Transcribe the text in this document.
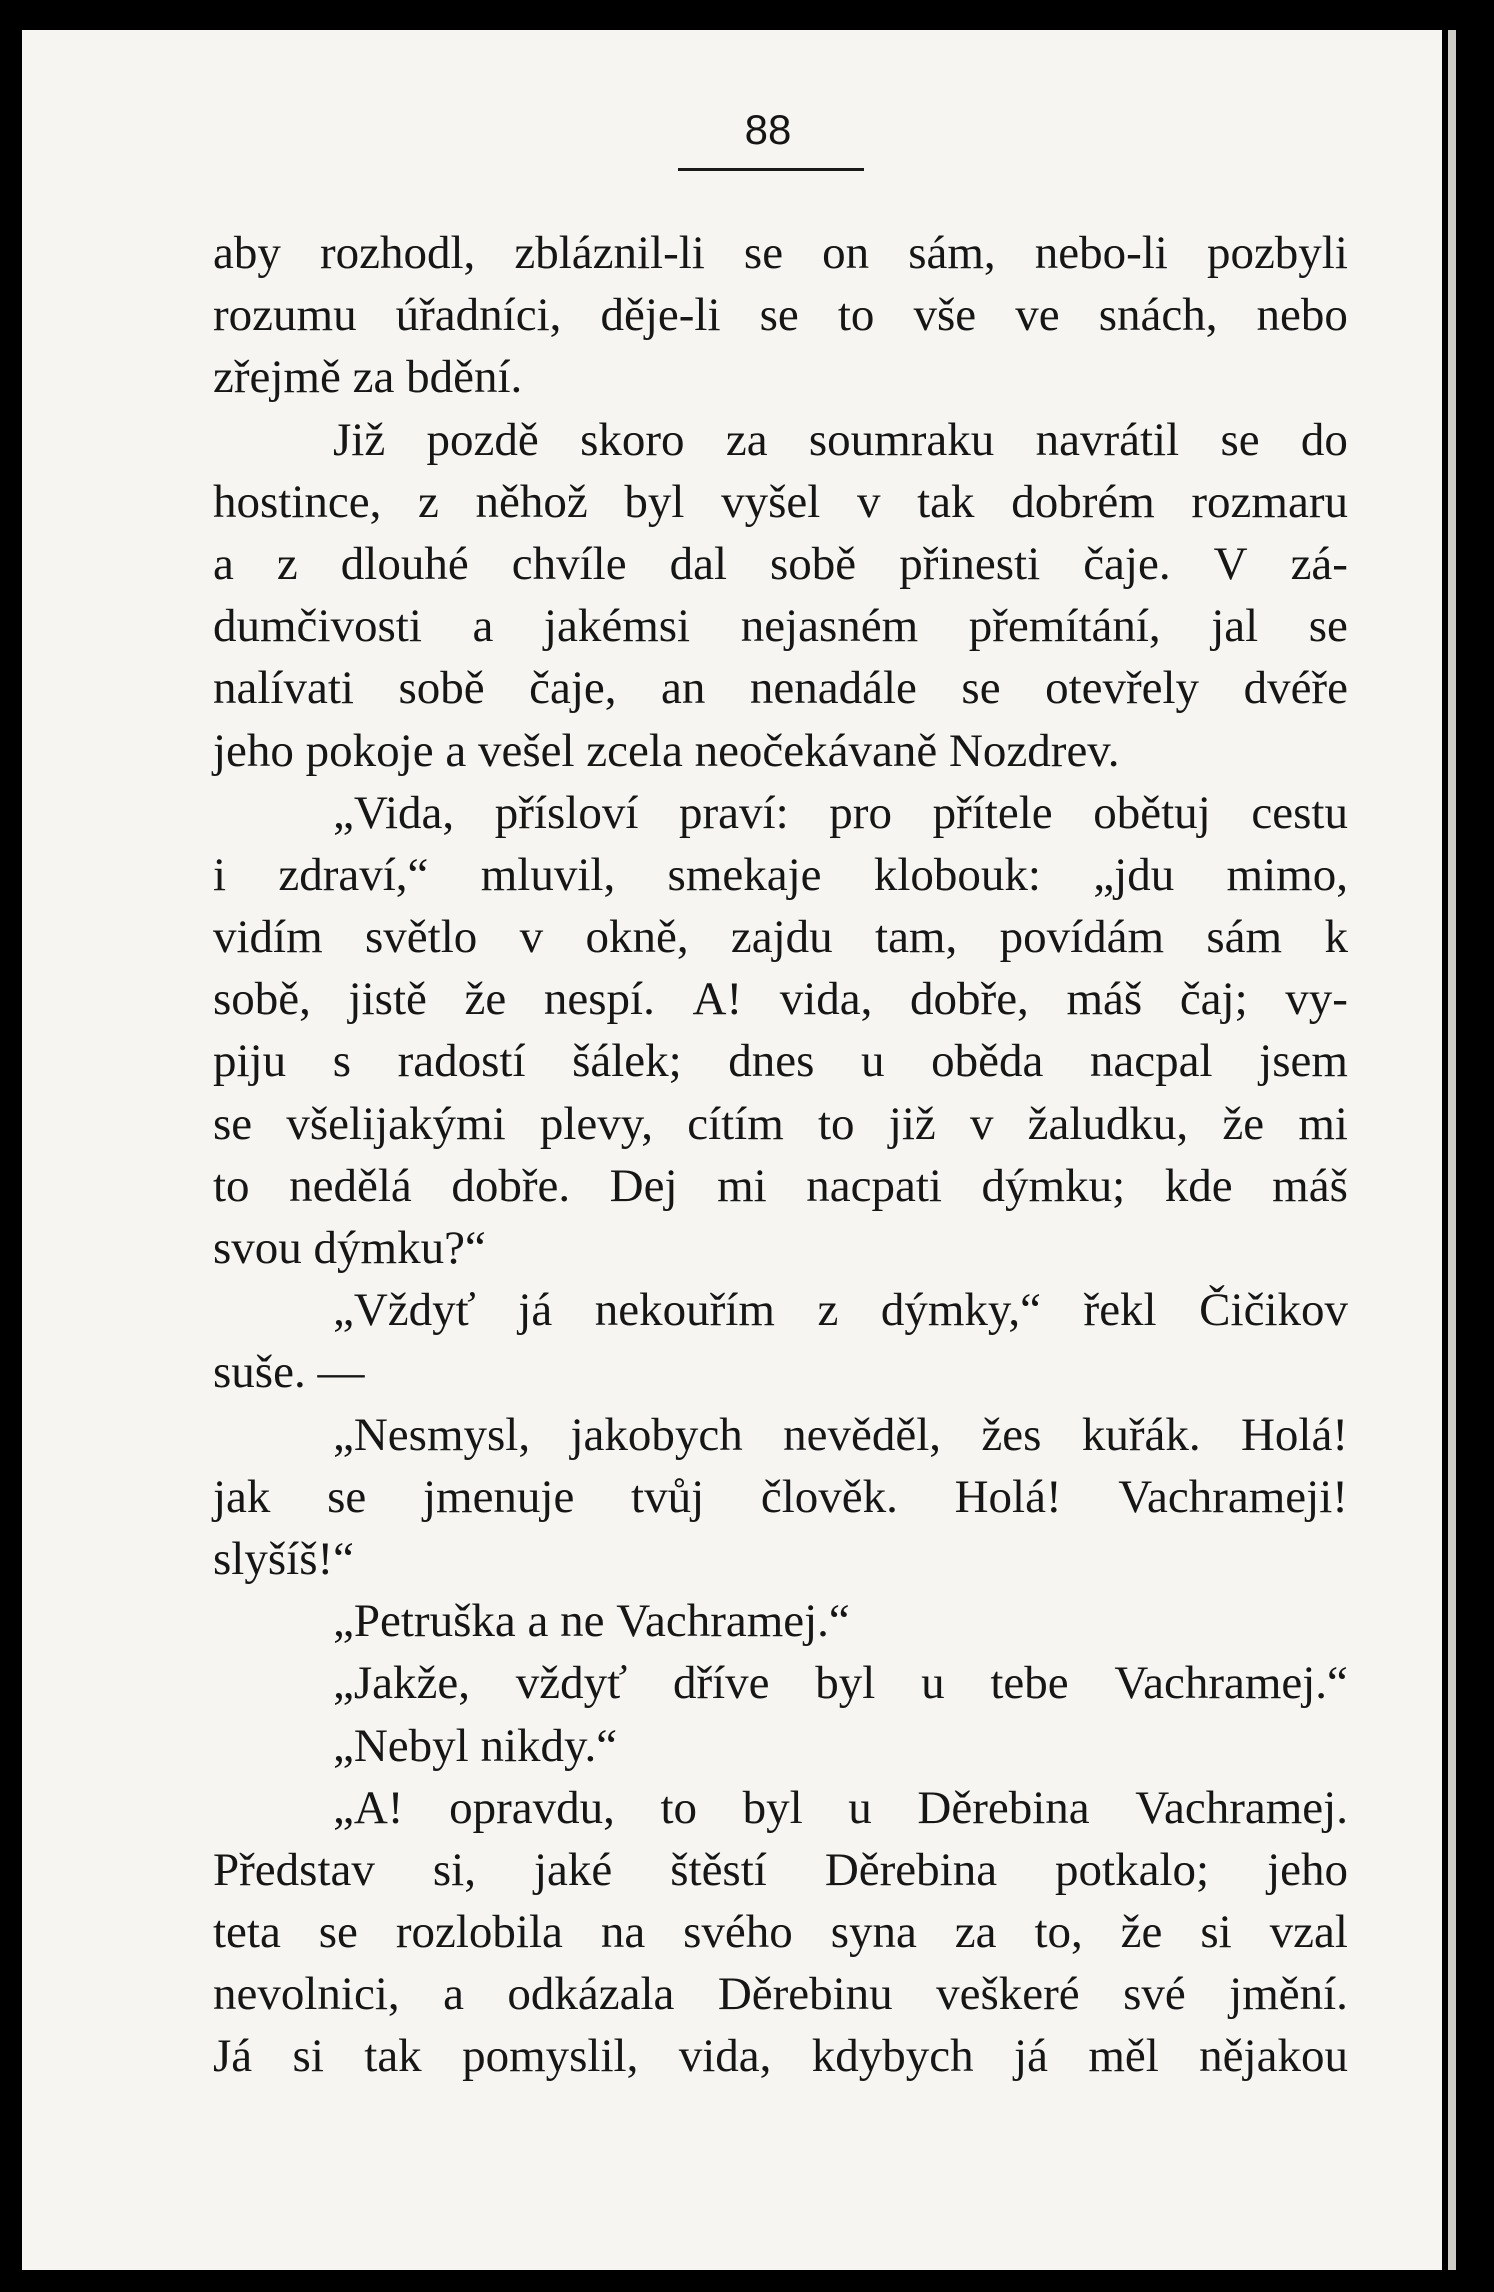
88
aby rozhodl, zbláznil-li se on sám, nebo-li pozbyli
rozumu úřadníci, děje-li se to vše ve snách, nebo
zřejmě
za
bdění.
Již pozdě skoro za soumraku navrátil se do
hostince, z něhož byl vyšel v tak dobrém rozmaru
a z dlouhé chvíle dal sobě přinesti čaje. V zá-
dumčivosti a jakémsi nejasném přemítání, jal se
nalívati sobě čaje, an nenadále se otevřely dvéře
jeho
pokoje
a
vešel
zcela
neočekávaně
Nozdrev.
„Vida, přísloví praví: pro přítele obětuj cestu
i zdraví,“ mluvil, smekaje klobouk: „jdu mimo,
vidím světlo v okně, zajdu tam, povídám sám k
sobě, jistě že nespí. A! vida, dobře, máš čaj; vy-
piju s radostí šálek; dnes u oběda nacpal jsem
se všelijakými plevy, cítím to již v žaludku, že mi
to nedělá dobře. Dej mi nacpati dýmku; kde máš
svou
dýmku?“
„Vždyť já nekouřím z dýmky,“ řekl Čičikov
suše.
—
„Nesmysl, jakobych nevěděl, žes kuřák. Holá!
jak se jmenuje tvůj člověk. Holá! Vachrameji!
slyšíš!“
„Petruška
a
ne
Vachramej.“
„Jakže, vždyť dříve byl u tebe Vachramej.“
„Nebyl
nikdy.“
„A! opravdu, to byl u Děrebina Vachramej.
Představ si, jaké štěstí Děrebina potkalo; jeho
teta se rozlobila na svého syna za to, že si vzal
nevolnici, a odkázala Děrebinu veškeré své jmění.
Já si tak pomyslil, vida, kdybych já měl nějakou
